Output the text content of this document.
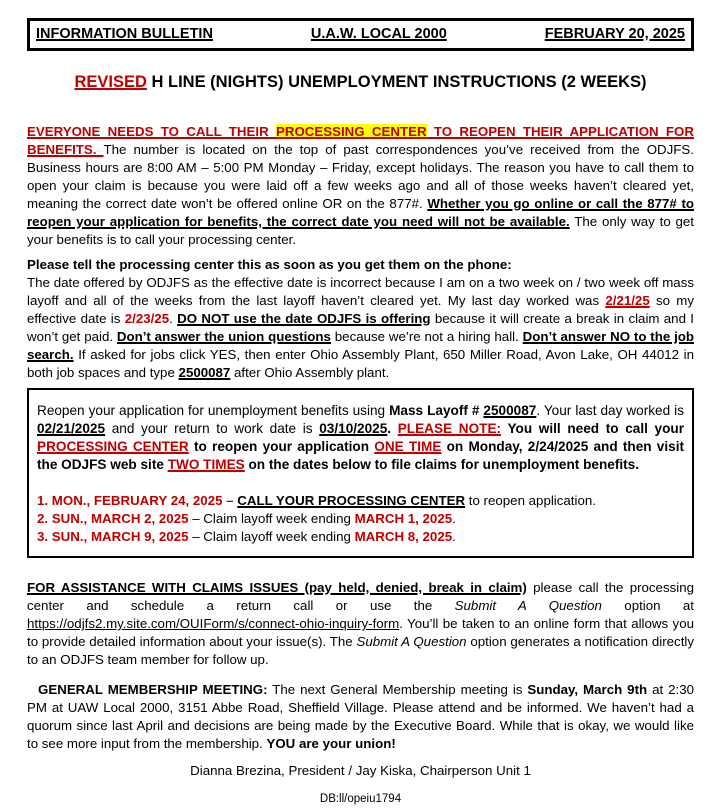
INFORMATION BULLETIN	U.A.W. LOCAL 2000	FEBRUARY 20, 2025
REVISED H LINE (NIGHTS) UNEMPLOYMENT INSTRUCTIONS (2 WEEKS)

EVERYONE NEEDS TO CALL THEIR PROCESSING CENTER TO REOPEN THEIR APPLICATION FOR BENEFITS. The number is located on the top of past correspondences you’ve received from the ODJFS. Business hours are 8:00 AM – 5:00 PM Monday – Friday, except holidays. The reason you have to call them to open your claim is because you were laid off a few weeks ago and all of those weeks haven’t cleared yet, meaning the correct date won’t be offered online OR on the 877#. Whether you go online or call the 877# to reopen your application for benefits, the correct date you need will not be available. The only way to get your benefits is to call your processing center.

Please tell the processing center this as soon as you get them on the phone:
The date offered by ODJFS as the effective date is incorrect because I am on a two week on / two week off mass layoff and all of the weeks from the last layoff haven’t cleared yet. My last day worked was 2/21/25 so my effective date is 2/23/25. DO NOT use the date ODJFS is offering because it will create a break in claim and I won’t get paid. Don’t answer the union questions because we’re not a hiring hall. Don’t answer NO to the job search. If asked for jobs click YES, then enter Ohio Assembly Plant, 650 Miller Road, Avon Lake, OH 44012 in both job spaces and type 2500087 after Ohio Assembly plant.
Reopen your application for unemployment benefits using Mass Layoff # 2500087. Your last day worked is 02/21/2025 and your return to work date is 03/10/2025. PLEASE NOTE: You will need to call your PROCESSING CENTER to reopen your application ONE TIME on Monday, 2/24/2025 and then visit the ODJFS web site TWO TIMES on the dates below to file claims for unemployment benefits.
1. MON., FEBRUARY 24, 2025 – CALL YOUR PROCESSING CENTER to reopen application.
2. SUN., MARCH 2, 2025 – Claim layoff week ending MARCH 1, 2025.
3. SUN., MARCH 9, 2025 – Claim layoff week ending MARCH 8, 2025.

FOR ASSISTANCE WITH CLAIMS ISSUES (pay held, denied, break in claim) please call the processing center and schedule a return call or use the Submit A Question option at https://odjfs2.my.site.com/OUIForm/s/connect-ohio-inquiry-form. You’ll be taken to an online form that allows you to provide detailed information about your issue(s). The Submit A Question option generates a notification directly to an ODJFS team member for follow up.

GENERAL MEMBERSHIP MEETING: The next General Membership meeting is Sunday, March 9th at 2:30 PM at UAW Local 2000, 3151 Abbe Road, Sheffield Village. Please attend and be informed. We haven’t had a quorum since last April and decisions are being made by the Executive Board. While that is okay, we would like to see more input from the membership. YOU are your union!

Dianna Brezina, President / Jay Kiska, Chairperson Unit 1
DB:ll/opeiu1794
